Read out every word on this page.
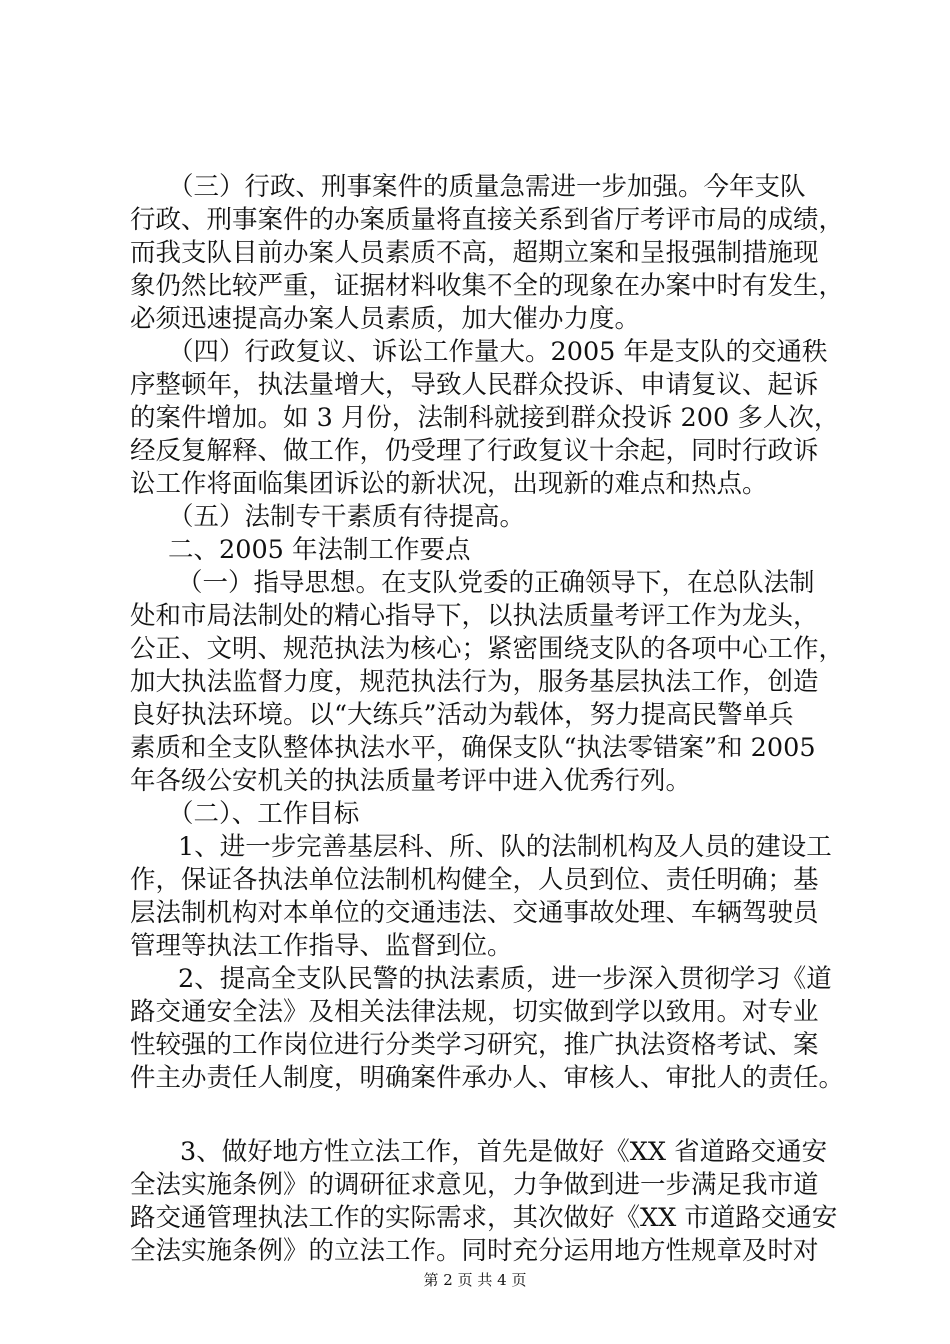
（三）行政、刑事案件的质量急需进一步加强。今年支队
行政、刑事案件的办案质量将直接关系到省厅考评市局的成绩，
而我支队目前办案人员素质不高，超期立案和呈报强制措施现
象仍然比较严重，证据材料收集不全的现象在办案中时有发生，
必须迅速提高办案人员素质，加大催办力度。
（四）行政复议、诉讼工作量大。2005 年是支队的交通秩
序整顿年，执法量增大，导致人民群众投诉、申请复议、起诉
的案件增加。如 3 月份，法制科就接到群众投诉 200 多人次，
经反复解释、做工作，仍受理了行政复议十余起，同时行政诉
讼工作将面临集团诉讼的新状况，出现新的难点和热点。
（五）法制专干素质有待提高。
二、2005 年法制工作要点
（一）指导思想。在支队党委的正确领导下，在总队法制
处和市局法制处的精心指导下，以执法质量考评工作为龙头，
公正、文明、规范执法为核心；紧密围绕支队的各项中心工作，
加大执法监督力度，规范执法行为，服务基层执法工作，创造
良好执法环境。以“大练兵”活动为载体，努力提高民警单兵
素质和全支队整体执法水平，确保支队“执法零错案”和 2005
年各级公安机关的执法质量考评中进入优秀行列。
（二）、工作目标
1、进一步完善基层科、所、队的法制机构及人员的建设工
作，保证各执法单位法制机构健全，人员到位、责任明确；基
层法制机构对本单位的交通违法、交通事故处理、车辆驾驶员
管理等执法工作指导、监督到位。
2、提高全支队民警的执法素质，进一步深入贯彻学习《道
路交通安全法》及相关法律法规，切实做到学以致用。对专业
性较强的工作岗位进行分类学习研究，推广执法资格考试、案
件主办责任人制度，明确案件承办人、审核人、审批人的责任。
3、做好地方性立法工作，首先是做好《XX 省道路交通安
全法实施条例》的调研征求意见，力争做到进一步满足我市道
路交通管理执法工作的实际需求，其次做好《XX 市道路交通安
全法实施条例》的立法工作。同时充分运用地方性规章及时对
第 2 页 共 4 页
